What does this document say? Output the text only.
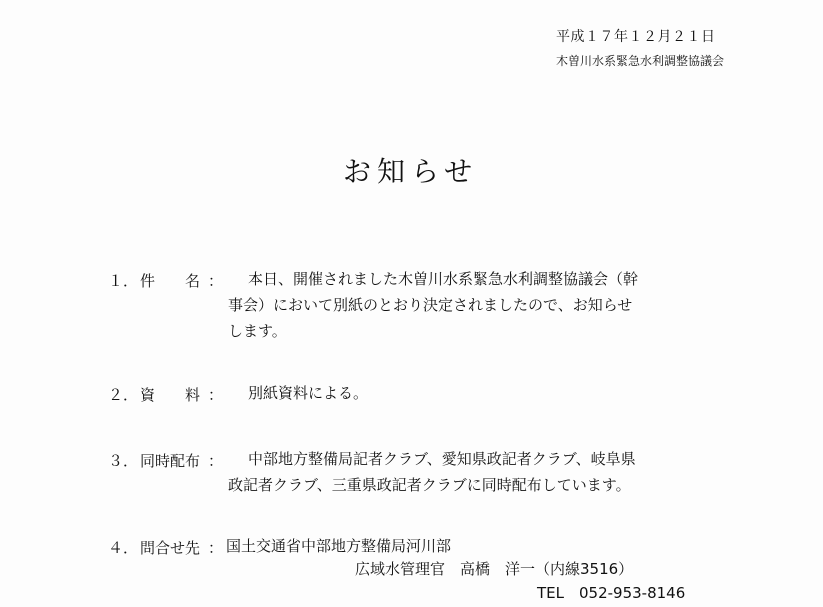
平成１７年１２月２１日
木曽川水系緊急水利調整協議会
お知らせ
１． 件　　名 ： 本日、開催されました木曽川水系緊急水利調整協議会（幹
事会）において別紙のとおり決定されましたので、お知らせ
します。
２． 資　　料 ： 別紙資料による。
３． 同時配布 ： 中部地方整備局記者クラブ、愛知県政記者クラブ、岐阜県
政記者クラブ、三重県政記者クラブに同時配布しています。
４． 問合せ先 ： 国土交通省中部地方整備局河川部
広域水管理官　高橋　洋一（内線3516）
TEL　052-953-8146
